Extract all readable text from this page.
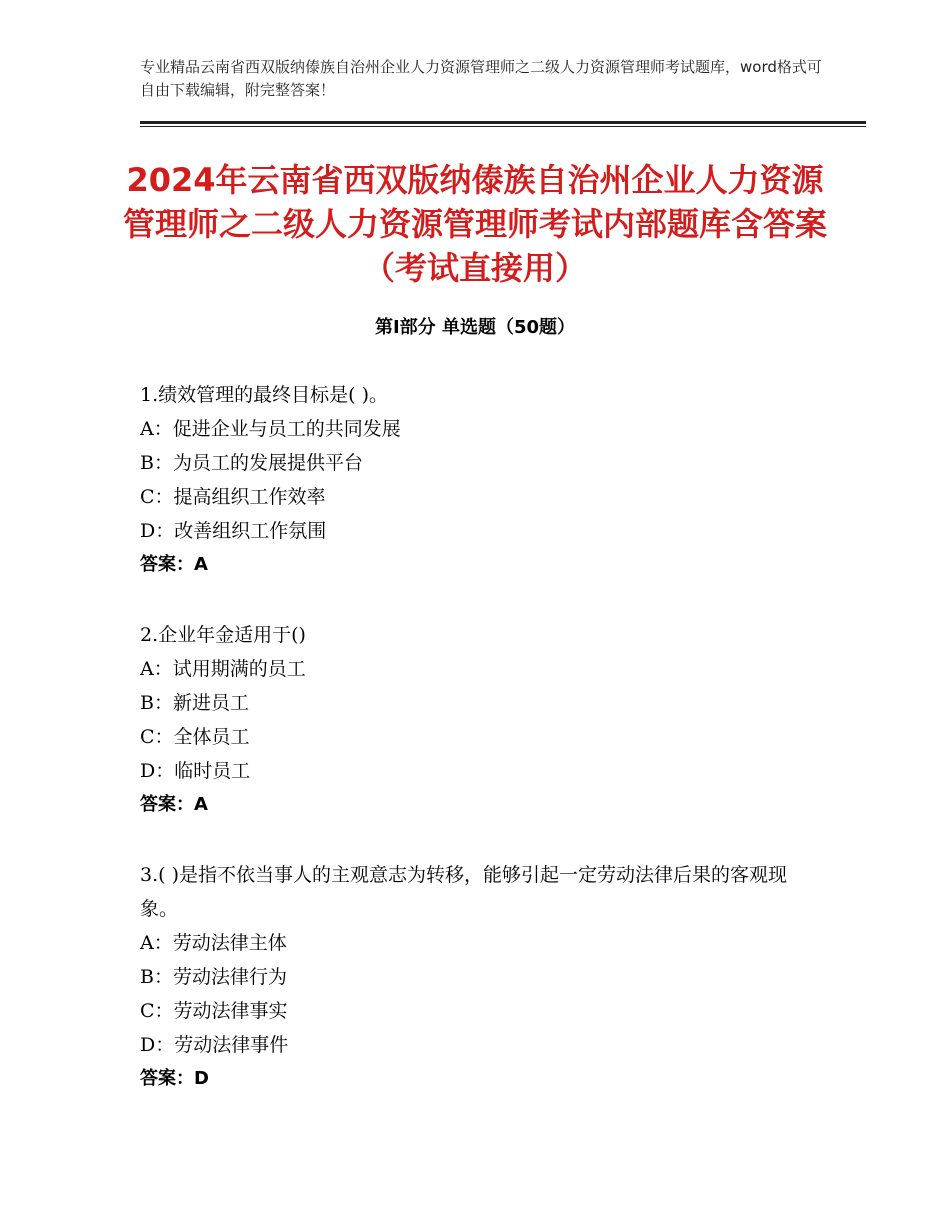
专业精品云南省西双版纳傣族自治州企业人力资源管理师之二级人力资源管理师考试题库，word格式可自由下载编辑，附完整答案！
2024年云南省西双版纳傣族自治州企业人力资源管理师之二级人力资源管理师考试内部题库含答案（考试直接用）
第Ⅰ部分 单选题（50题）
1.绩效管理的最终目标是( )。
A：促进企业与员工的共同发展
B：为员工的发展提供平台
C：提高组织工作效率
D：改善组织工作氛围
答案：A
2.企业年金适用于()
A：试用期满的员工
B：新进员工
C：全体员工
D：临时员工
答案：A
3.( )是指不依当事人的主观意志为转移，能够引起一定劳动法律后果的客观现象。
A：劳动法律主体
B：劳动法律行为
C：劳动法律事实
D：劳动法律事件
答案：D
